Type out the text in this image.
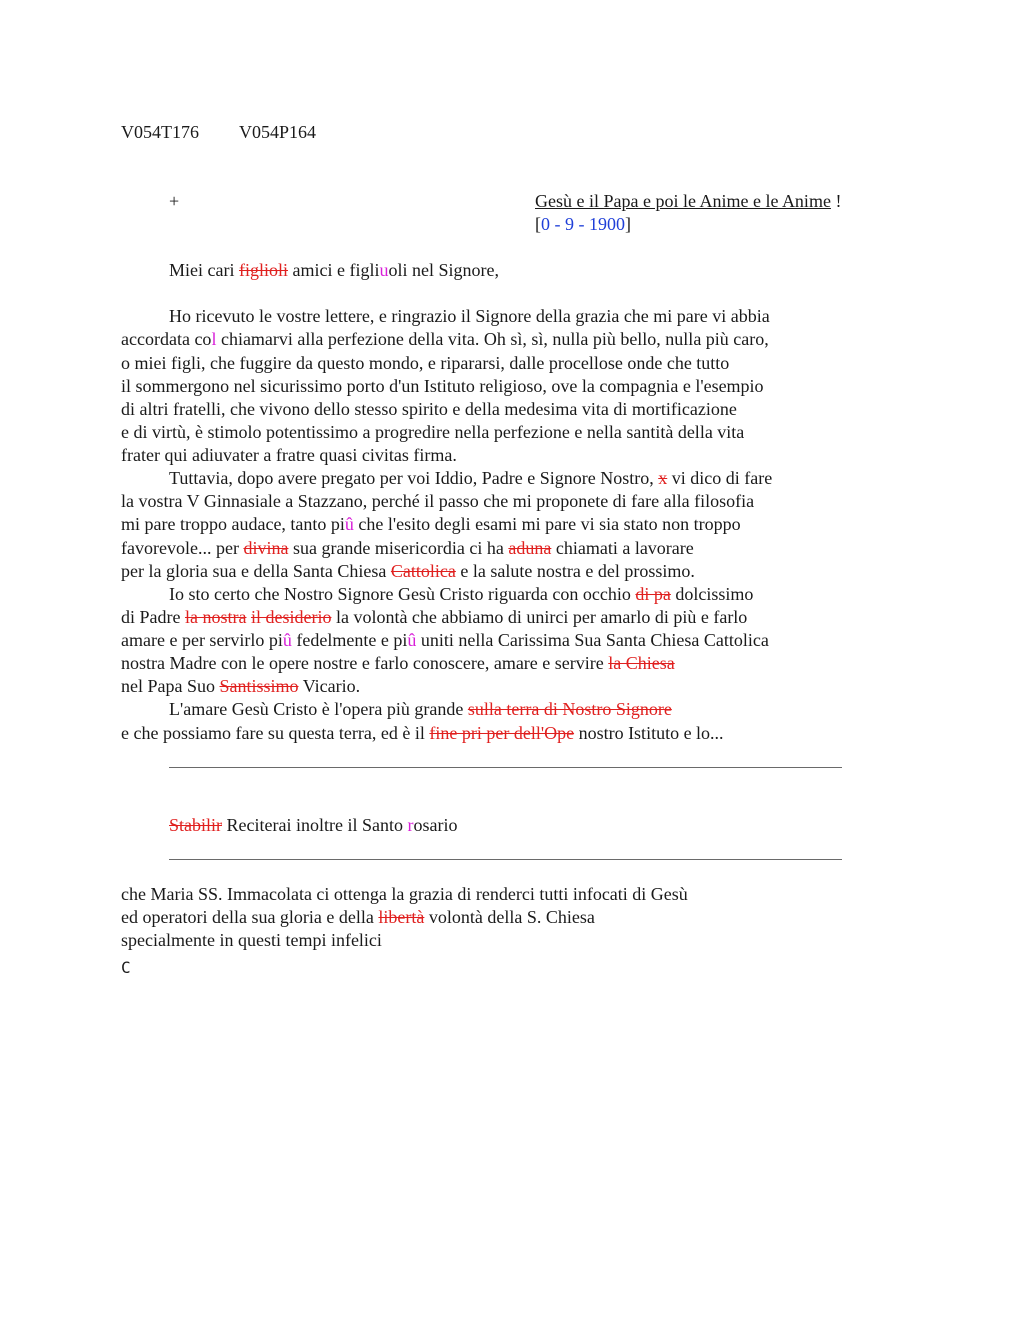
V054T176 V054P164
+	Gesù e il Papa e poi le Anime e le Anime !
[0 - 9 - 1900]
Miei cari figlioli amici e figliuoli nel Signore,
Ho ricevuto le vostre lettere, e ringrazio il Signore della grazia che mi pare vi abbia
accordata col chiamarvi alla perfezione della vita. Oh sì, sì, nulla più bello, nulla più caro,
o miei figli, che fuggire da questo mondo, e ripararsi, dalle procellose onde che tutto
il sommergono nel sicurissimo porto d'un Istituto religioso, ove la compagnia e l'esempio
di altri fratelli, che vivono dello stesso spirito e della medesima vita di mortificazione
e di virtù, è stimolo potentissimo a progredire nella perfezione e nella santità della vita
frater qui adiuvater a fratre quasi civitas firma.
Tuttavia, dopo avere pregato per voi Iddio, Padre e Signore Nostro, x vi dico di fare
la vostra V Ginnasiale a Stazzano, perché il passo che mi proponete di fare alla filosofia
mi pare troppo audace, tanto piû che l'esito degli esami mi pare vi sia stato non troppo
favorevole... per divina sua grande misericordia ci ha aduna chiamati a lavorare
per la gloria sua e della Santa Chiesa Cattolica e la salute nostra e del prossimo.
Io sto certo che Nostro Signore Gesù Cristo riguarda con occhio di pa dolcissimo
di Padre la nostra il desiderio la volontà che abbiamo di unirci per amarlo di più e farlo
amare e per servirlo piû fedelmente e piû uniti nella Carissima Sua Santa Chiesa Cattolica
nostra Madre con le opere nostre e farlo conoscere, amare e servire la Chiesa
nel Papa Suo Santissimo Vicario.
L'amare Gesù Cristo è l'opera più grande sulla terra di Nostro Signore
e che possiamo fare su questa terra, ed è il fine pri per dell'Ope nostro Istituto e lo...
Stabilir Reciterai inoltre il Santo rosario
che Maria SS. Immacolata ci ottenga la grazia di renderci tutti infocati di Gesù
ed operatori della sua gloria e della libertà volontà della S. Chiesa
specialmente in questi tempi infelici
C
